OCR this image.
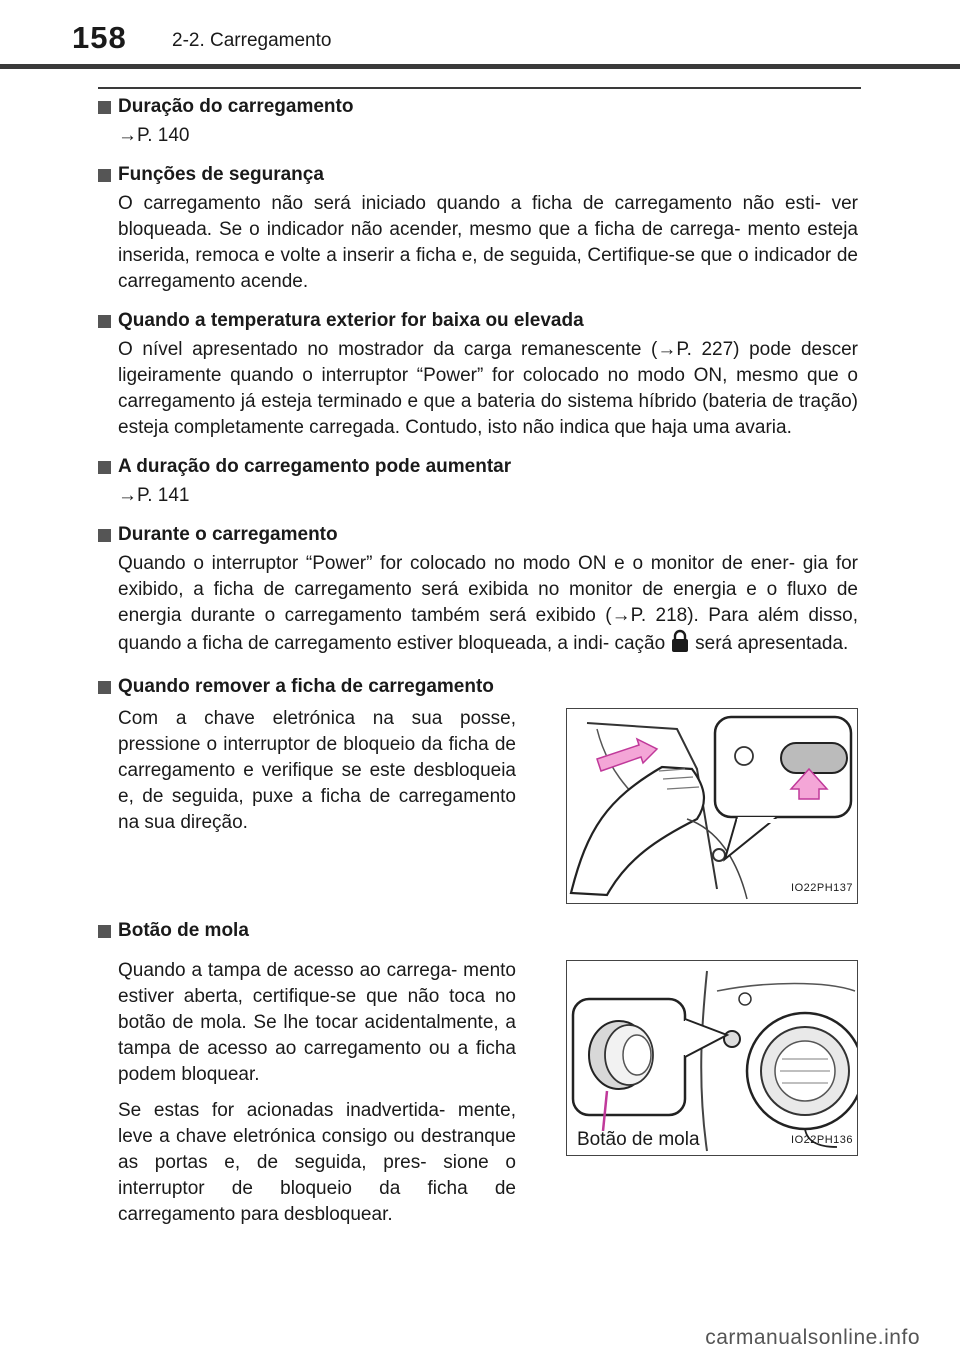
158 2-2. Carregamento
Duração do carregamento
→P. 140
Funções de segurança
O carregamento não será iniciado quando a ficha de carregamento não esti- ver bloqueada. Se o indicador não acender, mesmo que a ficha de carrega- mento esteja inserida, remoca e volte a inserir a ficha e, de seguida, Certifique-se que o indicador de carregamento acende.
Quando a temperatura exterior for baixa ou elevada
O nível apresentado no mostrador da carga remanescente (→P. 227) pode descer ligeiramente quando o interruptor “Power” for colocado no modo ON, mesmo que o carregamento já esteja terminado e que a bateria do sistema híbrido (bateria de tração) esteja completamente carregada. Contudo, isto não indica que haja uma avaria.
A duração do carregamento pode aumentar
→P. 141
Durante o carregamento
Quando o interruptor “Power” for colocado no modo ON e o monitor de ener- gia for exibido, a ficha de carregamento será exibida no monitor de energia e o fluxo de energia durante o carregamento também será exibido (→P. 218). Para além disso, quando a ficha de carregamento estiver bloqueada, a indi- cação será apresentada.
Quando remover a ficha de carregamento

Com a chave eletrónica na sua posse, pressione o interruptor de bloqueio da ficha de carregamento e verifique se este desbloqueia e, de seguida, puxe a ficha de carregamento na sua direção.

IO22PH137
Botão de mola

Quando a tampa de acesso ao carrega- mento estiver aberta, certifique-se que não toca no botão de mola. Se lhe tocar acidentalmente, a tampa de acesso ao carregamento ou a ficha podem bloquear.

Se estas for acionadas inadvertida- mente, leve a chave eletrónica consigo ou destranque as portas e, de seguida, pres- sione o interruptor de bloqueio da ficha de carregamento para desbloquear.

Botão de mola	IO22PH136
carmanualsonline.info
